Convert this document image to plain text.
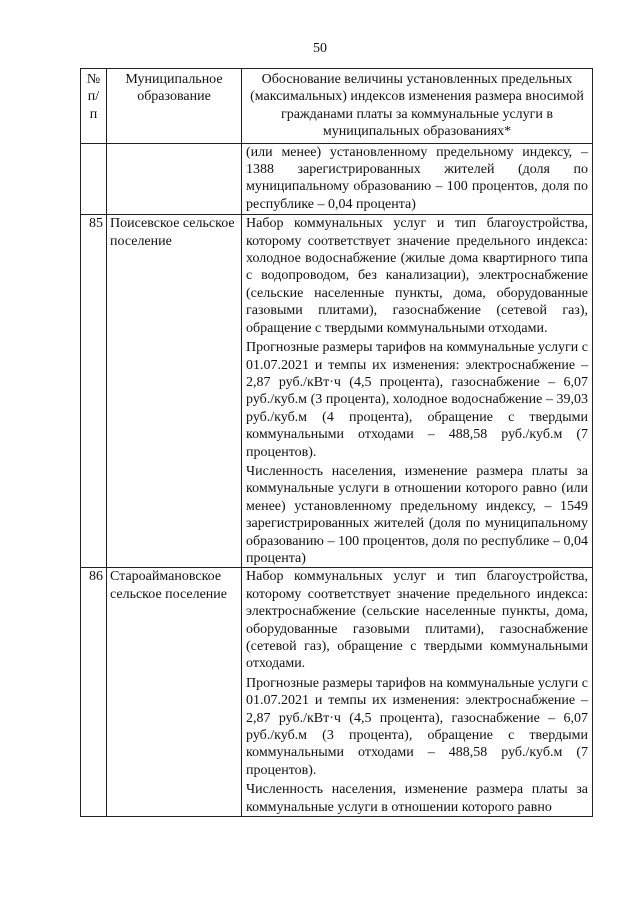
50
№ п/п	Муниципальное образование	Обоснование величины установленных предельных (максимальных) индексов изменения размера вносимой гражданами платы за коммунальные услуги в муниципальных образованиях*
		(или менее) установленному предельному индексу, – 1388 зарегистрированных жителей (доля по муниципальному образованию – 100 процентов, доля по республике – 0,04 процента)
85	Поисевское сельское поселение	Набор коммунальных услуг и тип благоустройства, которому соответствует значение предельного индекса: холодное водоснабжение (жилые дома квартирного типа с водопроводом, без канализации), электроснабжение (сельские населенные пункты, дома, оборудованные газовыми плитами), газоснабжение (сетевой газ), обращение с твердыми коммунальными отходами.

Прогнозные размеры тарифов на коммунальные услуги с 01.07.2021 и темпы их изменения: электроснабжение – 2,87 руб./кВт·ч (4,5 процента), газоснабжение – 6,07 руб./куб.м (3 процента), холодное водоснабжение – 39,03 руб./куб.м (4 процента), обращение с твердыми коммунальными отходами – 488,58 руб./куб.м (7 процентов).

Численность населения, изменение размера платы за коммунальные услуги в отношении которого равно (или менее) установленному предельному индексу, – 1549 зарегистрированных жителей (доля по муниципальному образованию – 100 процентов, доля по республике – 0,04 процента)

86	Староаймановское сельское поселение	Набор коммунальных услуг и тип благоустройства, которому соответствует значение предельного индекса: электроснабжение (сельские населенные пункты, дома, оборудованные газовыми плитами), газоснабжение (сетевой газ), обращение с твердыми коммунальными отходами.

Прогнозные размеры тарифов на коммунальные услуги с 01.07.2021 и темпы их изменения: электроснабжение – 2,87 руб./кВт·ч (4,5 процента), газоснабжение – 6,07 руб./куб.м (3 процента), обращение с твердыми коммунальными отходами – 488,58 руб./куб.м (7 процентов).

Численность населения, изменение размера платы за коммунальные услуги в отношении которого равно
